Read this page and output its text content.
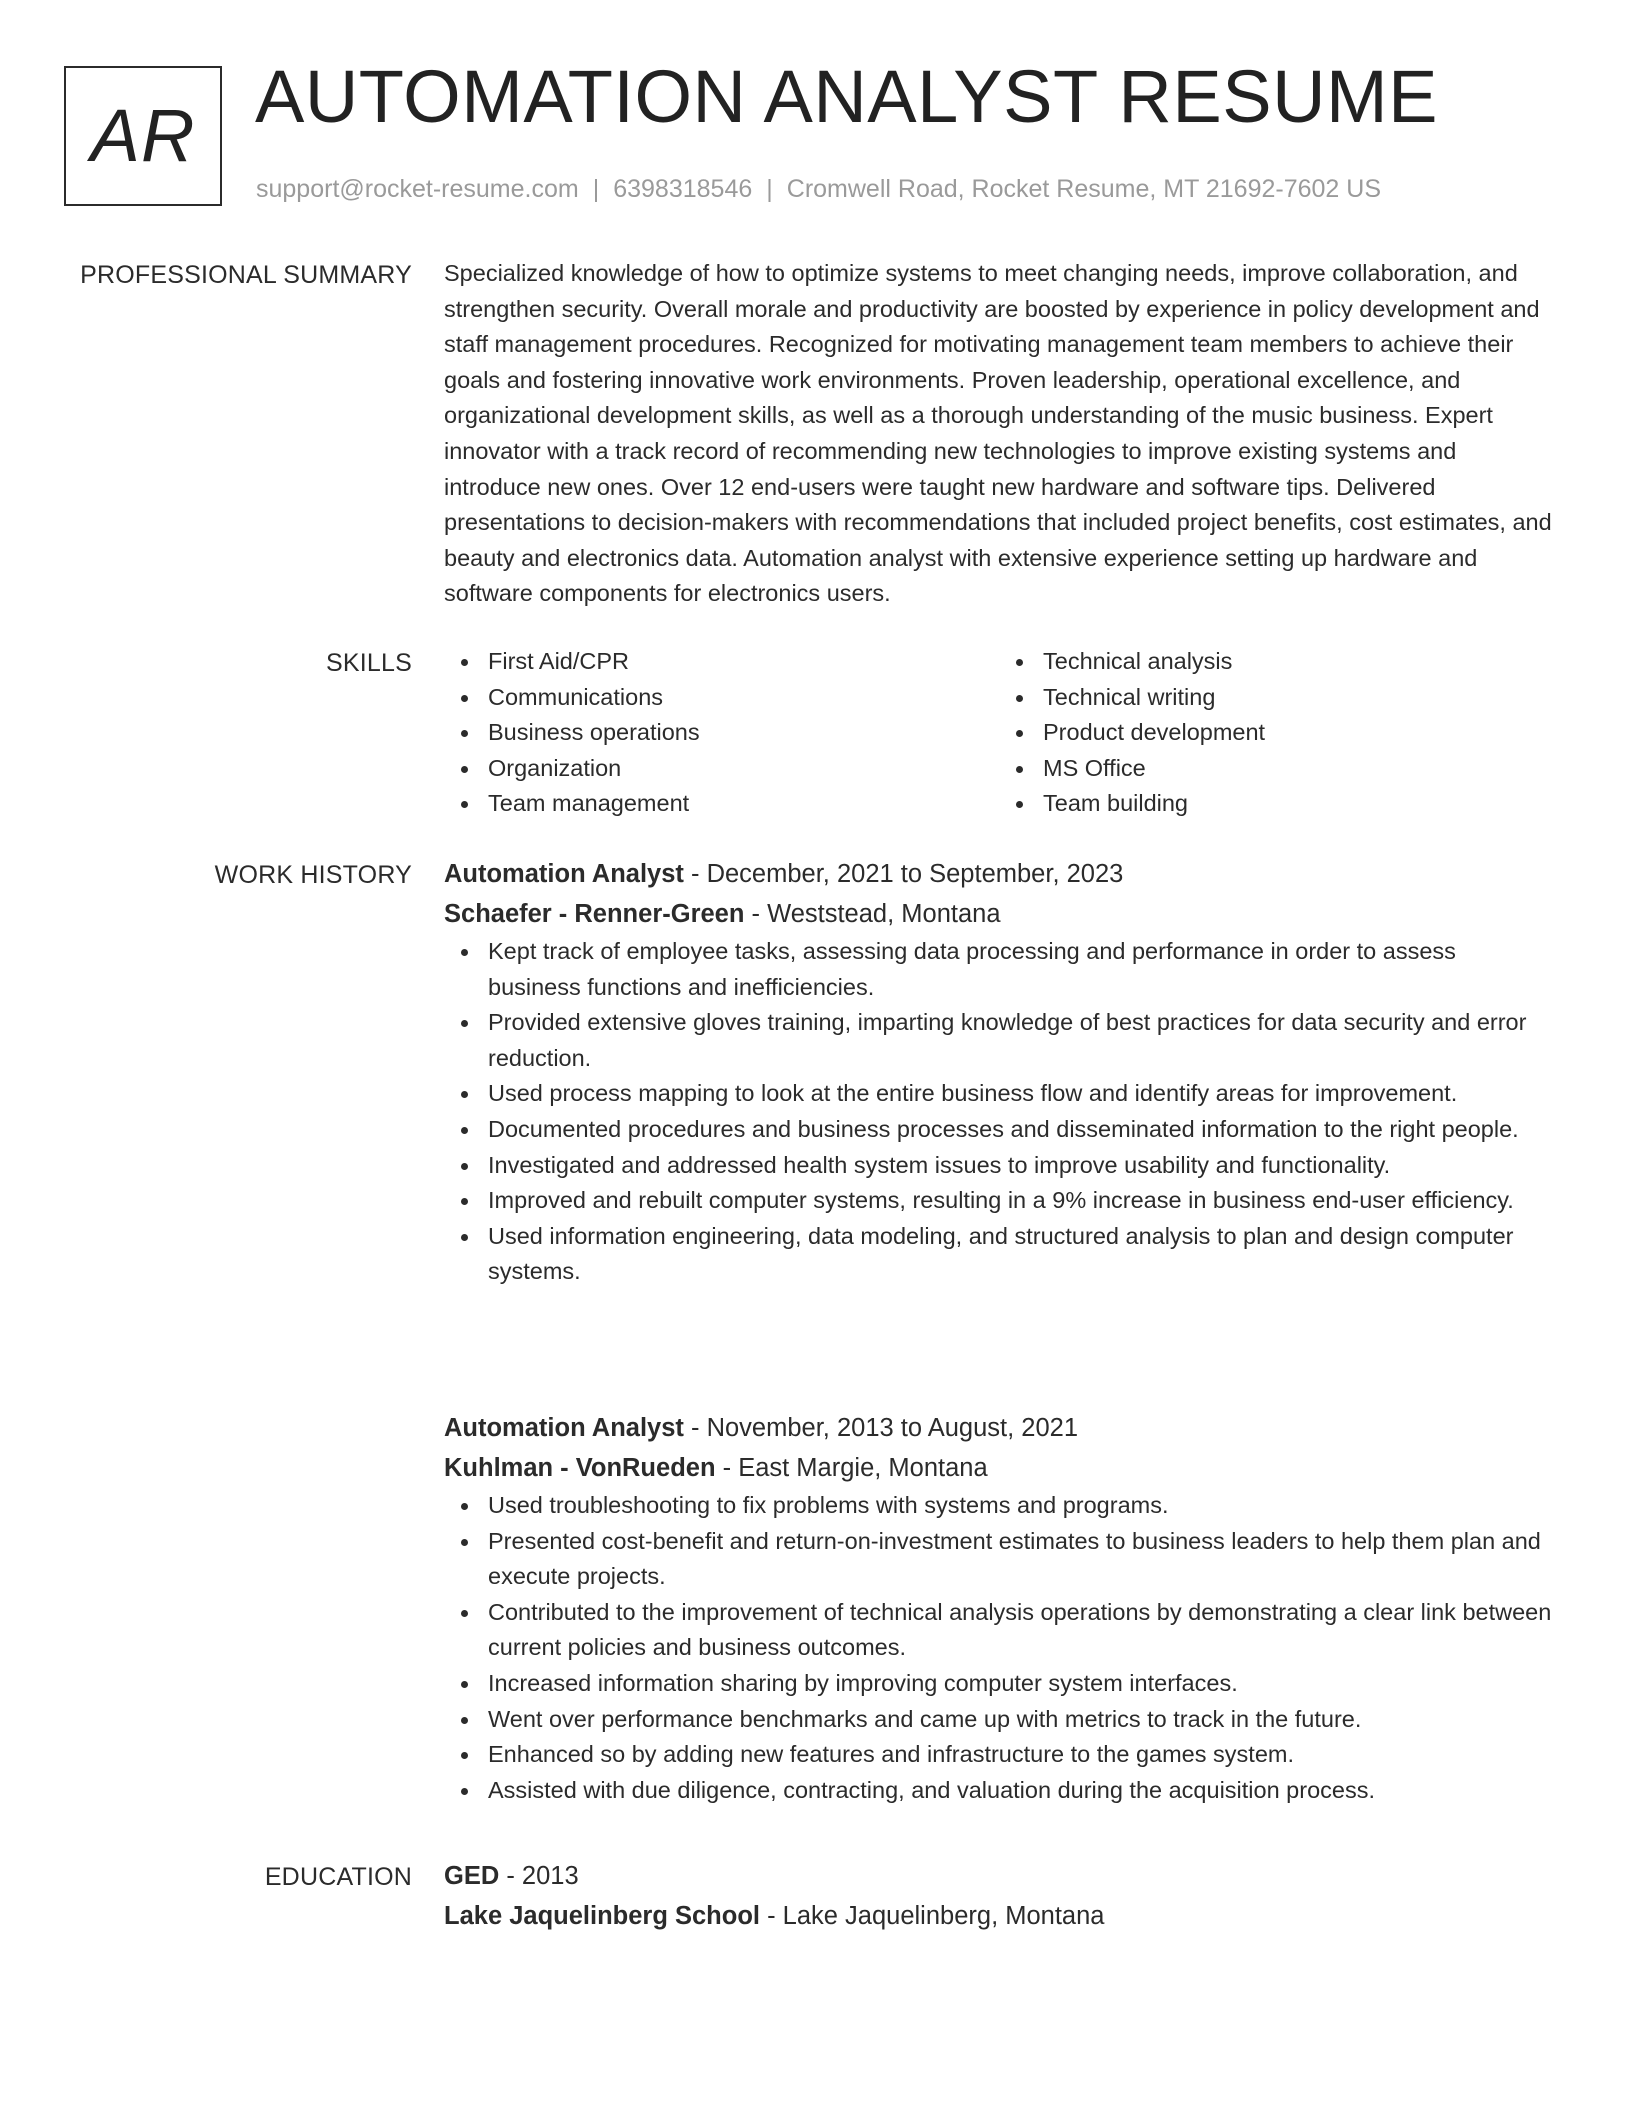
AR AUTOMATION ANALYST RESUME
support@rocket-resume.com | 6398318546 | Cromwell Road, Rocket Resume, MT 21692-7602 US
PROFESSIONAL SUMMARY Specialized knowledge of how to optimize systems to meet changing needs, improve collaboration, and strengthen security. Overall morale and productivity are boosted by experience in policy development and staff management procedures. Recognized for motivating management team members to achieve their goals and fostering innovative work environments. Proven leadership, operational excellence, and organizational development skills, as well as a thorough understanding of the music business. Expert innovator with a track record of recommending new technologies to improve existing systems and introduce new ones. Over 12 end-users were taught new hardware and software tips. Delivered presentations to decision-makers with recommendations that included project benefits, cost estimates, and beauty and electronics data. Automation analyst with extensive experience setting up hardware and software components for electronics users.

SKILLS	First Aid/CPR
Communications
Business operations
Organization
Team management
Technical analysis
Technical writing
Product development
MS Office
Team building
WORK HISTORY Automation Analyst - December, 2021 to September, 2023
Schaefer - Renner-Green - Weststead, Montana
Kept track of employee tasks, assessing data processing and performance in order to assess business functions and inefficiencies.
Provided extensive gloves training, imparting knowledge of best practices for data security and error reduction.
Used process mapping to look at the entire business flow and identify areas for improvement.
Documented procedures and business processes and disseminated information to the right people.
Investigated and addressed health system issues to improve usability and functionality.
Improved and rebuilt computer systems, resulting in a 9% increase in business end-user efficiency.
Used information engineering, data modeling, and structured analysis to plan and design computer systems.
Automation Analyst - November, 2013 to August, 2021
Kuhlman - VonRueden - East Margie, Montana
Used troubleshooting to fix problems with systems and programs.
Presented cost-benefit and return-on-investment estimates to business leaders to help them plan and execute projects.
Contributed to the improvement of technical analysis operations by demonstrating a clear link between current policies and business outcomes.
Increased information sharing by improving computer system interfaces.
Went over performance benchmarks and came up with metrics to track in the future.
Enhanced so by adding new features and infrastructure to the games system.
Assisted with due diligence, contracting, and valuation during the acquisition process.
EDUCATION GED - 2013
Lake Jaquelinberg School - Lake Jaquelinberg, Montana
